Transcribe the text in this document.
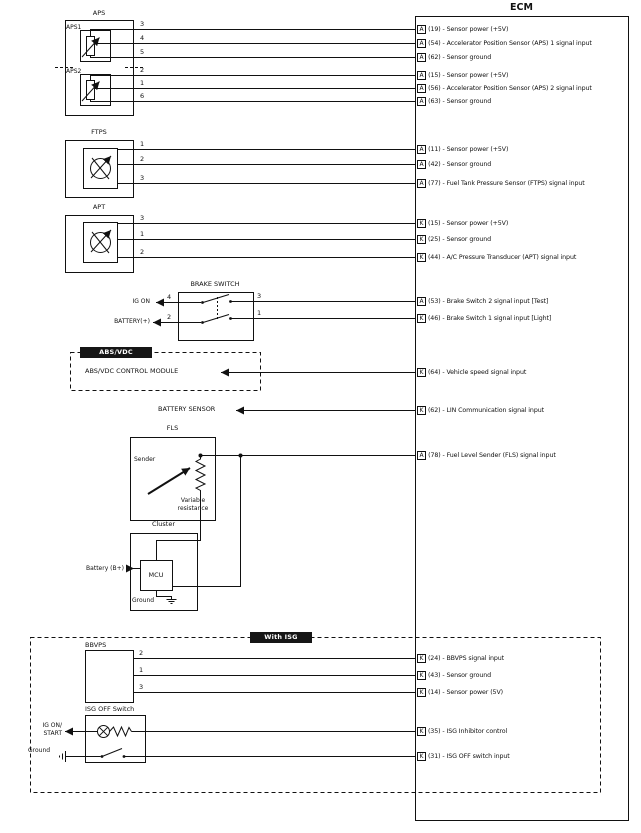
ECM
APS
APS1
APS2
3
4
5
2
1
6
FTPS
1
2
3
APT
3
1
2
BRAKE SWITCH
3
1
4
2
IG ON
BATTERY(+)
ABS/VDC
ABS/VDC CONTROL MODULE
BATTERY SENSOR
FLS
Sender
Variable
resistance
Cluster
MCU
Battery (B+)
Ground
With ISG
BBVPS
2
1
3
ISG OFF Switch
IG ON/
START
Ground
A (19) - Sensor power (+5V)
A (54) - Accelerator Position Sensor (APS) 1 signal input
A (62) - Sensor ground
A (15) - Sensor power (+5V)
A (56) - Accelerator Position Sensor (APS) 2 signal input
A (63) - Sensor ground
A (11) - Sensor power (+5V)
A (42) - Sensor ground
A (77) - Fuel Tank Pressure Sensor (FTPS) signal input
K (15) - Sensor power (+5V)
K (25) - Sensor ground
K (44) - A/C Pressure Transducer (APT) signal input
A (53) - Brake Switch 2 signal input [Test]
K (46) - Brake Switch 1 signal input [Light]
K (64) - Vehicle speed signal input
K (62) - LIN Communication signal input
A (78) - Fuel Level Sender (FLS) signal input
K (24) - BBVPS signal input
K (43) - Sensor ground
K (14) - Sensor power (5V)
K (35) - ISG Inhibitor control
K (31) - ISG OFF switch input
